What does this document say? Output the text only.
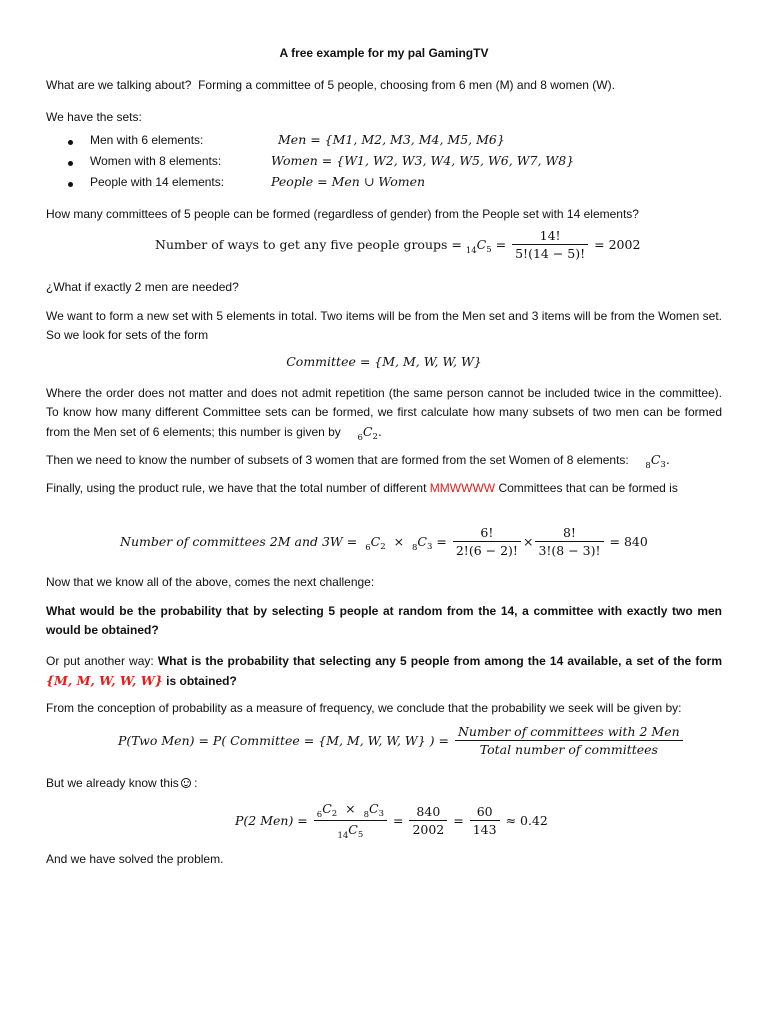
A free example for my pal GamingTV
What are we talking about? Forming a committee of 5 people, choosing from 6 men (M) and 8 women (W).
We have the sets:
Men with 6 elements:	Men = {M1, M2, M3, M4, M5, M6}
Women with 8 elements:	Women = {W1, W2, W3, W4, W5, W6, W7, W8}
People with 14 elements:	People = Men ∪ Women
How many committees of 5 people can be formed (regardless of gender) from the People set with 14 elements?
Number of ways to get any five people groups = $_{14}C_5 = \frac{14!}{5!(14 - 5)!} = 2002$
¿What if exactly 2 men are needed?
We want to form a new set with 5 elements in total. Two items will be from the Men set and 3 items will be from the Women set. So we look for sets of the form
Committee = {M, M, W, W, W}
Where the order does not matter and does not admit repetition (the same person cannot be included twice in the committee). To know how many different Committee sets can be formed, we first calculate how many subsets of two men can be formed from the Men set of 6 elements; this number is given by $_6C_2$.
Then we need to know the number of subsets of 3 women that are formed from the set Women of 8 elements: $_8C_3$.
Finally, using the product rule, we have that the total number of different MMWWWW Committees that can be formed is
Number of committees 2M and $3W = _6C_2 \times _8C_3 = \frac{6!}{2!(6 - 2)!} \times \frac{8!}{3!(8 - 3)!} = 840$
Now that we know all of the above, comes the next challenge:
What would be the probability that by selecting 5 people at random from the 14, a committee with exactly two men would be obtained?
Or put another way: What is the probability that selecting any 5 people from among the 14 available, a set of the form {M, M, W, W, W} is obtained?
From the conception of probability as a measure of frequency, we conclude that the probability we seek will be given by:
P(Two Men) = P( Committee = {M, M, W, W, W} ) = $\frac{\text{Number of committees with 2 Men}}{\text{Total number of committees}}$
But we already know this :
P(2 $Men) = \frac{_6C_2 \times _8C_3}{_{14}C_5} = \frac{840}{2002} = \frac{60}{143} \approx 0.42$
And we have solved the problem.
